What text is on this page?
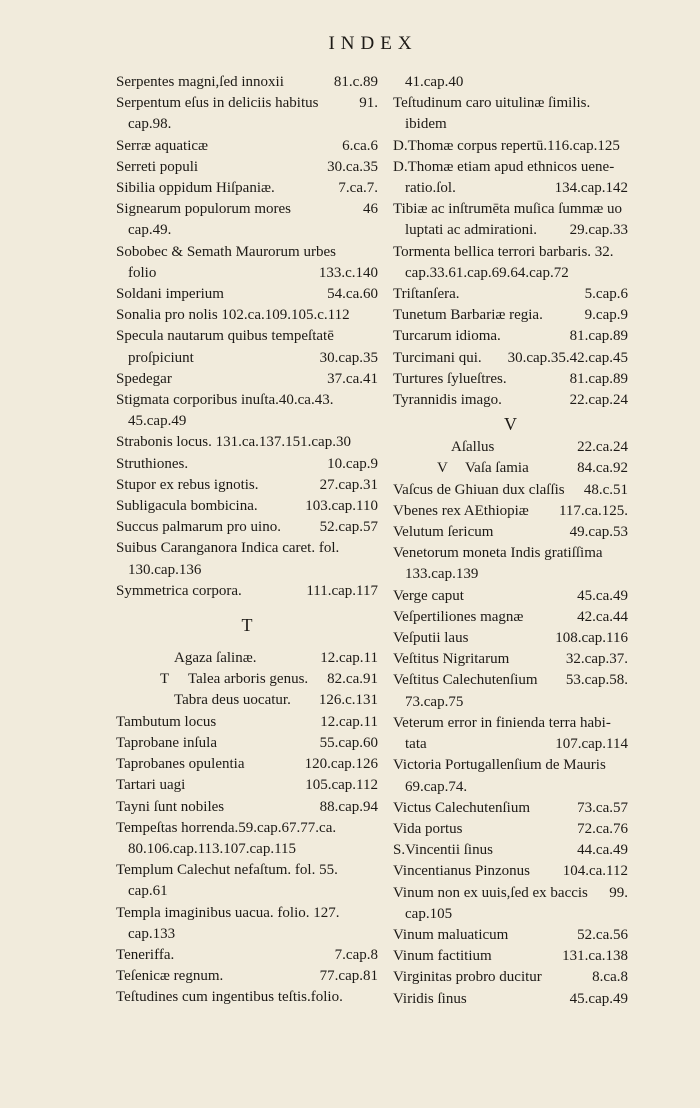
INDEX
Serpentes magni,ſed innoxii	81.c.89
Serpentum eſus in deliciis habitus	91.
cap.98.
Serræ aquaticæ	6.ca.6
Serreti populi	30.ca.35
Sibilia oppidum Hiſpaniæ.	7.ca.7.
Signearum populorum mores	46
cap.49.
Sobobec & Semath Maurorum urbes
folio	133.c.140
Soldani imperium	54.ca.60
Sonalia pro nolis 102.ca.109.105.c.112
Specula nautarum quibus tempeſtatē
proſpiciunt	30.cap.35
Spedegar	37.ca.41
Stigmata corporibus inuſta.40.ca.43.
45.cap.49
Strabonis locus. 131.ca.137.151.cap.30
Struthiones.	10.cap.9
Stupor ex rebus ignotis.	27.cap.31
Subligacula bombicina.	103.cap.110
Succus palmarum pro uino.	52.cap.57
Suibus Caranganora Indica caret. fol.
130.cap.136
Symmetrica corpora.	111.cap.117
T
Agaza ſalinæ.	12.cap.11
T Talea arboris genus. 82.ca.91
Tabra deus uocatur. 126.c.131
Tambutum locus	12.cap.11
Taprobane inſula	55.cap.60
Taprobanes opulentia	120.cap.126
Tartari uagi	105.cap.112
Tayni ſunt nobiles	88.cap.94
Tempeſtas horrenda.59.cap.67.77.ca.
80.106.cap.113.107.cap.115
Templum Calechut nefaſtum. fol. 55.
cap.61
Templa imaginibus uacua. folio. 127.
cap.133
Teneriffa.	7.cap.8
Teſenicæ regnum.	77.cap.81
Teſtudines cum ingentibus teſtis.folio.
41.cap.40
Teſtudinum caro uitulinæ ſimilis.
ibidem
D.Thomæ corpus repertū.116.cap.125
D.Thomæ etiam apud ethnicos uene-
ratio.ſol.	134.cap.142
Tibiæ ac inſtrumēta muſica ſummæ uo
luptati ac admirationi. 29.cap.33
Tormenta bellica terrori barbaris. 32.
cap.33.61.cap.69.64.cap.72
Triſtanſera.	5.cap.6
Tunetum Barbariæ regia.	9.cap.9
Turcarum idioma.	81.cap.89
Turcimani qui. 30.cap.35.42.cap.45
Turtures ſylueſtres.	81.cap.89
Tyrannidis imago.	22.cap.24
V
Aſallus	22.ca.24
V Vaſa ſamia	84.ca.92
Vaſcus de Ghiuan dux claſſis 48.c.51
Vbenes rex AEthiopiæ 117.ca.125.
Velutum ſericum	49.cap.53
Venetorum moneta Indis gratiſſima
133.cap.139
Verge caput	45.ca.49
Veſpertiliones magnæ	42.ca.44
Veſputii laus	108.cap.116
Veſtitus Nigritarum	32.cap.37.
Veſtitus Calechutenſium 53.cap.58.
73.cap.75
Veterum error in finienda terra habi-
tata	107.cap.114
Victoria Portugallenſium de Mauris
69.cap.74.
Victus Calechutenſium	73.ca.57
Vida portus	72.ca.76
S.Vincentii ſinus	44.ca.49
Vincentianus Pinzonus 104.ca.112
Vinum non ex uuis,ſed ex baccis 99.
cap.105
Vinum maluaticum	52.ca.56
Vinum factitium	131.ca.138
Virginitas probro ducitur	8.ca.8
Viridis ſinus	45.cap.49
